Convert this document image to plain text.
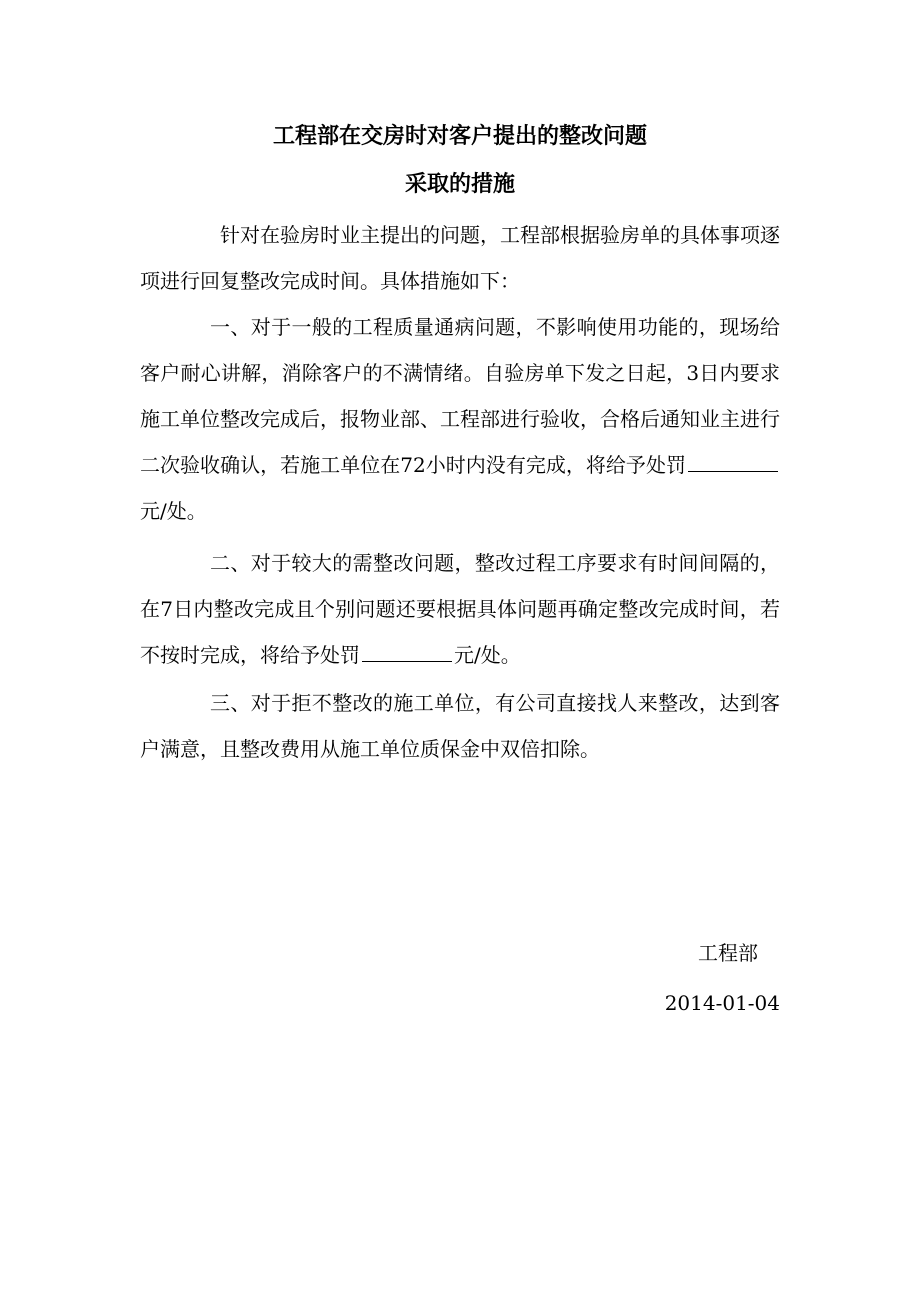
工程部在交房时对客户提出的整改问题
采取的措施

针对在验房时业主提出的问题，工程部根据验房单的具体事项逐项进行回复整改完成时间。具体措施如下：

一、对于一般的工程质量通病问题，不影响使用功能的，现场给客户耐心讲解，消除客户的不满情绪。自验房单下发之日起，3日内要求施工单位整改完成后，报物业部、工程部进行验收，合格后通知业主进行二次验收确认，若施工单位在72小时内没有完成，将给予处罚元/处。

二、对于较大的需整改问题，整改过程工序要求有时间间隔的，在7日内整改完成且个别问题还要根据具体问题再确定整改完成时间，若不按时完成，将给予处罚	元/处。

三、对于拒不整改的施工单位，有公司直接找人来整改，达到客户满意，且整改费用从施工单位质保金中双倍扣除。

工程部

2014-01-04
